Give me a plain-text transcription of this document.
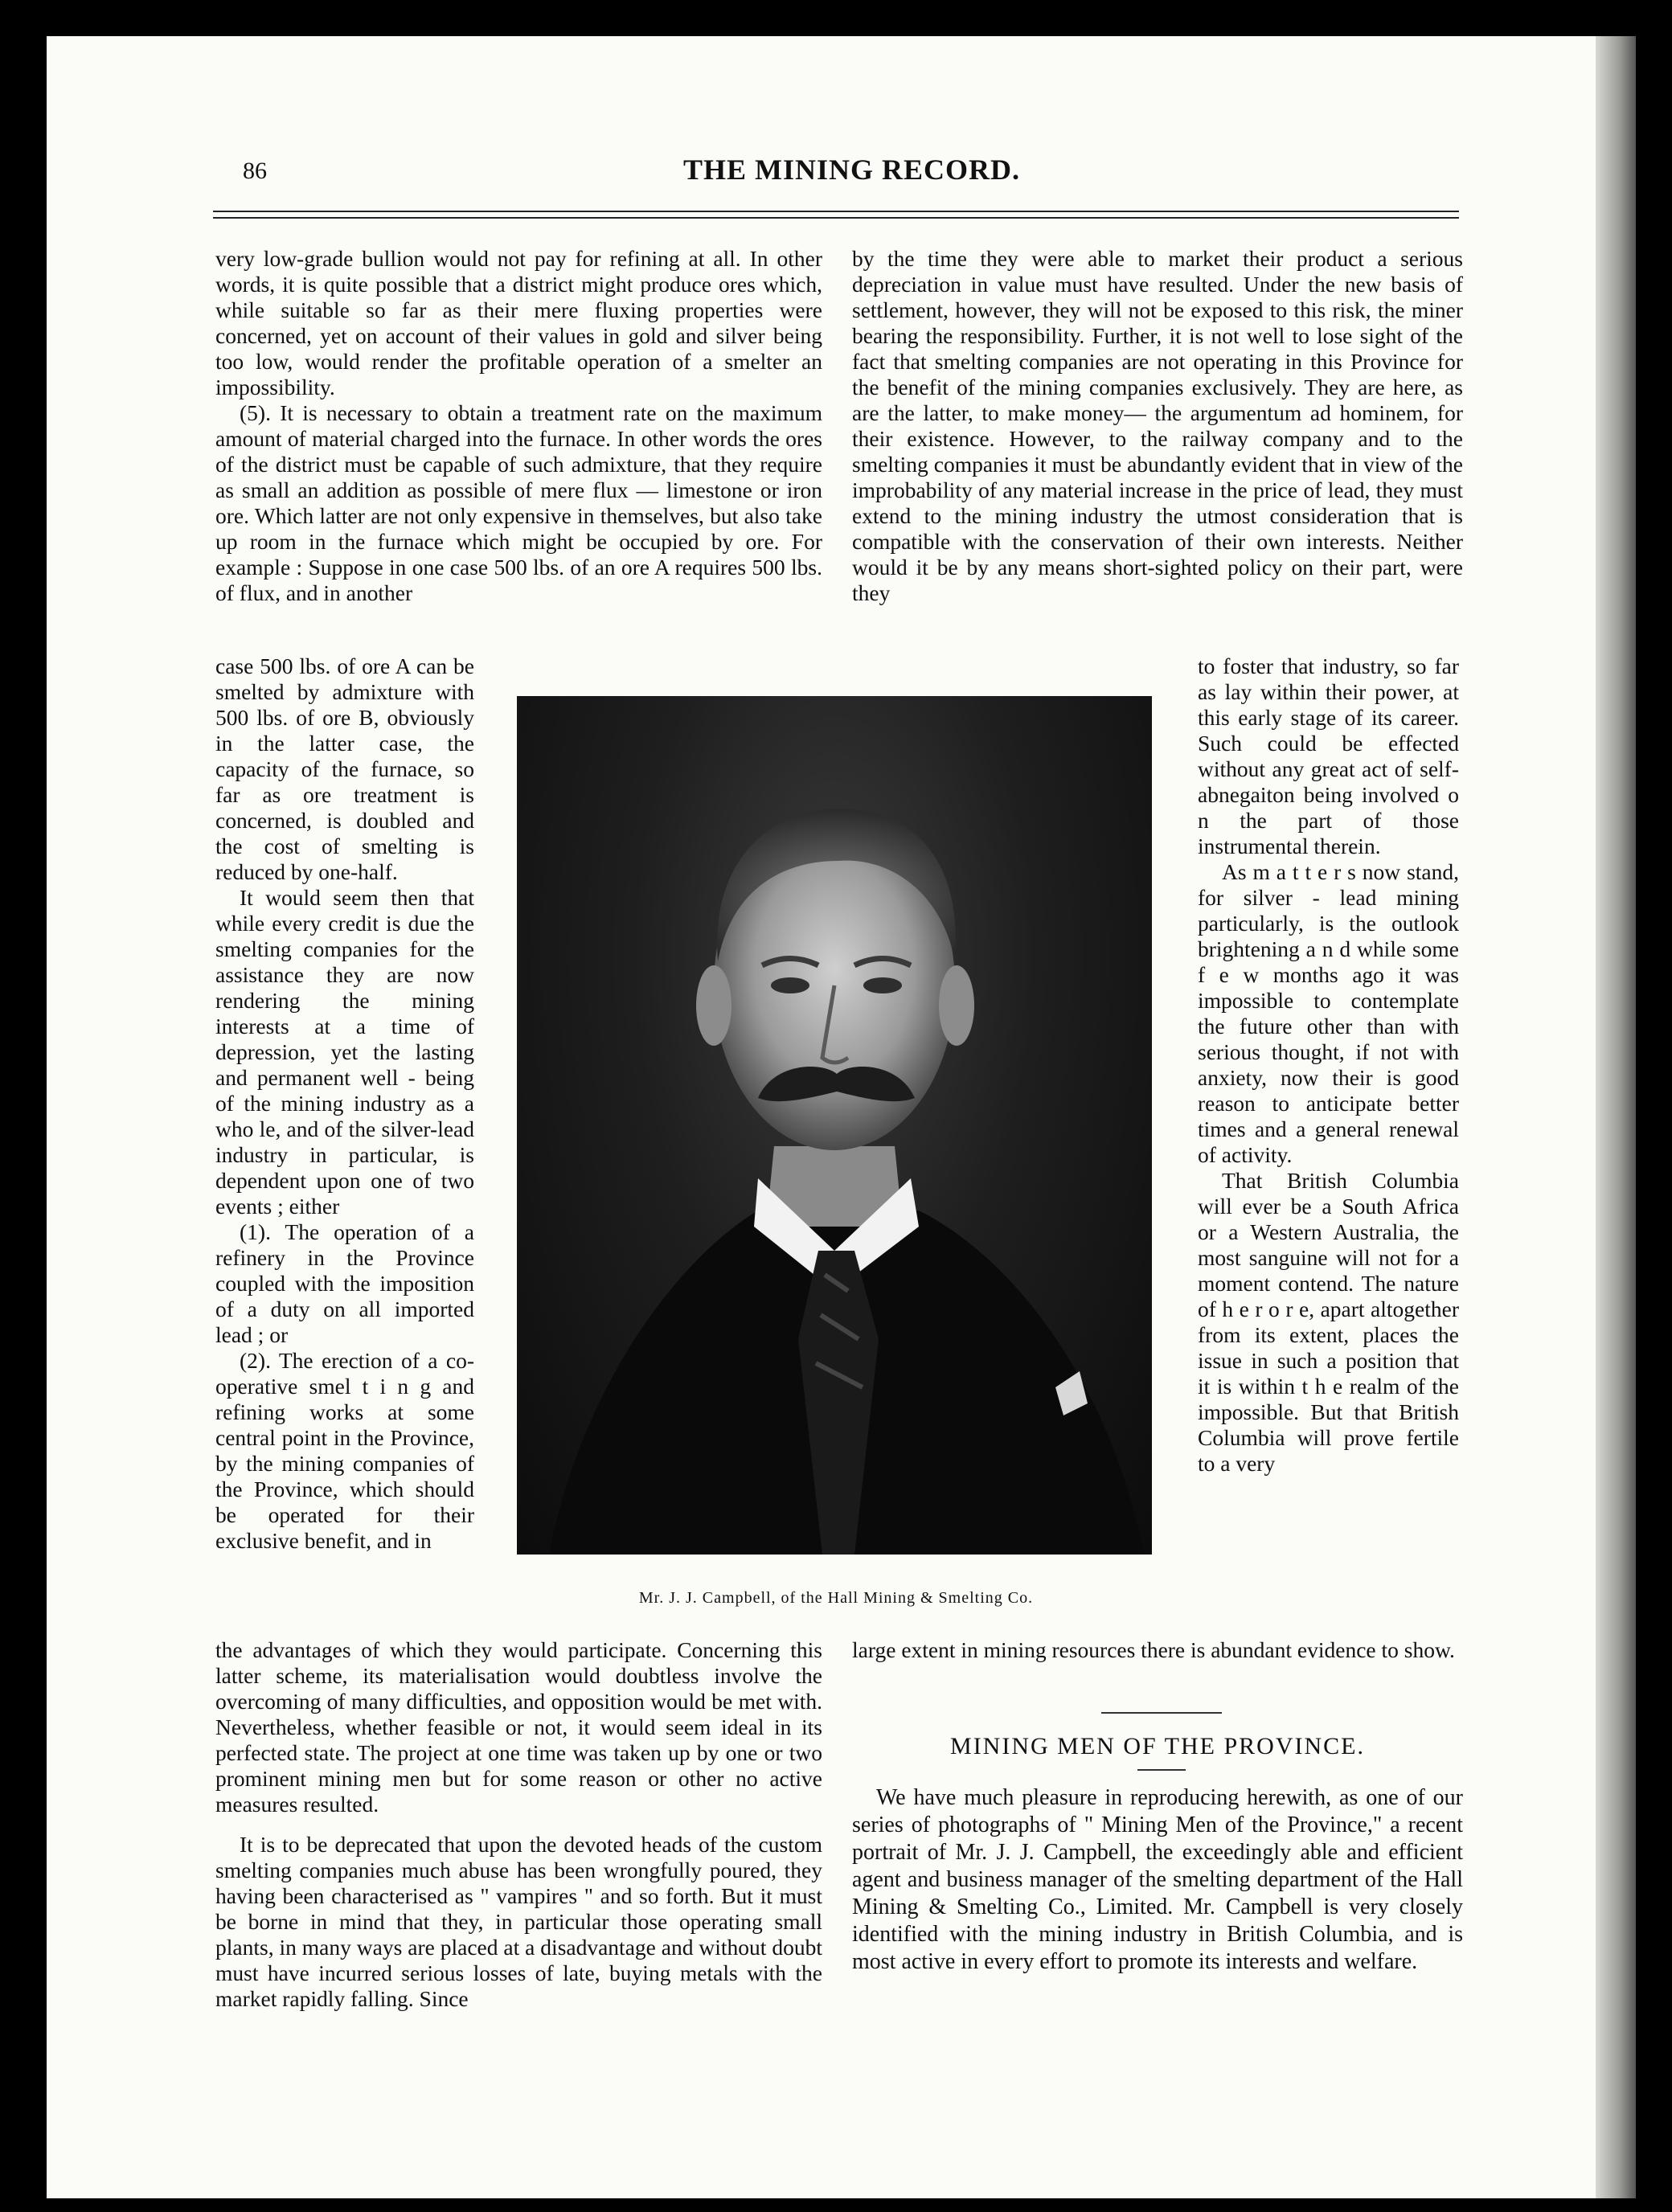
86	THE MINING RECORD.

very low-grade bullion would not pay for refining at all. In other words, it is quite possible that a district might produce ores which, while suitable so far as their mere fluxing properties were concerned, yet on account of their values in gold and silver being too low, would render the profitable operation of a smelter an impossibility.

(5). It is necessary to obtain a treatment rate on the maximum amount of material charged into the furnace. In other words the ores of the district must be capable of such admixture, that they require as small an addition as possible of mere flux — limestone or iron ore. Which latter are not only expensive in themselves, but also take up room in the furnace which might be occupied by ore. For example : Suppose in one case 500 lbs. of an ore A requires 500 lbs. of flux, and in another

case 500 lbs. of ore A can be smelted by admixture with 500 lbs. of ore B, obviously in the latter case, the capacity of the furnace, so far as ore treatment is concerned, is doubled and the cost of smelting is reduced by one-half.

It would seem then that while every credit is due the smelting companies for the assistance they are now rendering the mining interests at a time of depression, yet the lasting and permanent well - being of the mining industry as a who le, and of the silver-lead industry in particular, is dependent upon one of two events ; either

(1). The operation of a refinery in the Province coupled with the imposition of a duty on all imported lead ; or

(2). The erection of a co-operative smel t i n g and refining works at some central point in the Province, by the mining companies of the Province, which should be operated for their exclusive benefit, and in

the advantages of which they would participate. Concerning this latter scheme, its materialisation would doubtless involve the overcoming of many difficulties, and opposition would be met with. Nevertheless, whether feasible or not, it would seem ideal in its perfected state. The project at one time was taken up by one or two prominent mining men but for some reason or other no active measures resulted.

It is to be deprecated that upon the devoted heads of the custom smelting companies much abuse has been wrongfully poured, they having been characterised as " vampires " and so forth. But it must be borne in mind that they, in particular those operating small plants, in many ways are placed at a disadvantage and without doubt must have incurred serious losses of late, buying metals with the market rapidly falling. Since

by the time they were able to market their product a serious depreciation in value must have resulted. Under the new basis of settlement, however, they will not be exposed to this risk, the miner bearing the responsibility. Further, it is not well to lose sight of the fact that smelting companies are not operating in this Province for the benefit of the mining companies exclusively. They are here, as are the latter, to make money— the argumentum ad hominem, for their existence. However, to the railway company and to the smelting companies it must be abundantly evident that in view of the improbability of any material increase in the price of lead, they must extend to the mining industry the utmost consideration that is compatible with the conservation of their own interests. Neither would it be by any means short-sighted policy on their part, were they

to foster that industry, so far as lay within their power, at this early stage of its career. Such could be effected without any great act of self-abnegaiton being involved o n the part of those instrumental therein.

As m a t t e r s now stand, for silver - lead mining particularly, is the outlook brightening a n d while some f e w months ago it was impossible to contemplate the future other than with serious thought, if not with anxiety, now their is good reason to anticipate better times and a general renewal of activity.

That British Columbia will ever be a South Africa or a Western Australia, the most sanguine will not for a moment contend. The nature of h e r o r e, apart altogether from its extent, places the issue in such a position that it is within t h e realm of the impossible. But that British Columbia will prove fertile to a very

large extent in mining resources there is abundant evidence to show.

MINING MEN OF THE PROVINCE.

We have much pleasure in reproducing herewith, as one of our series of photographs of " Mining Men of the Province," a recent portrait of Mr. J. J. Campbell, the exceedingly able and efficient agent and business manager of the smelting department of the Hall Mining & Smelting Co., Limited. Mr. Campbell is very closely identified with the mining industry in British Columbia, and is most active in every effort to promote its interests and welfare.

Mr. J. J. Campbell, of the Hall Mining & Smelting Co.
